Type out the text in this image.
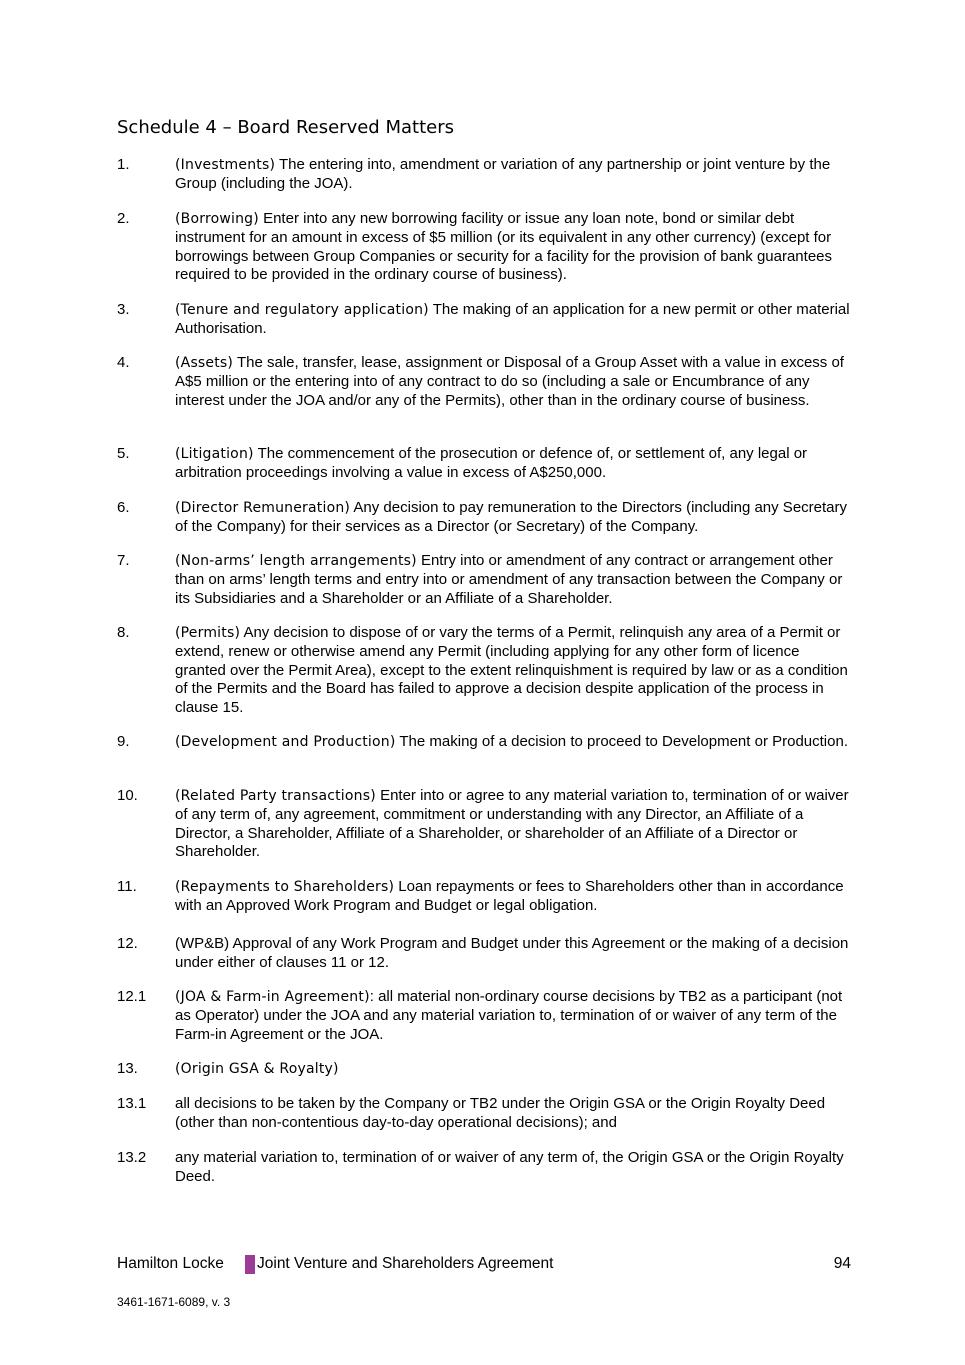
Schedule 4 – Board Reserved Matters
1.	(Investments) The entering into, amendment or variation of any partnership or joint venture by the Group (including the JOA).
2.	(Borrowing) Enter into any new borrowing facility or issue any loan note, bond or similar debt instrument for an amount in excess of $5 million (or its equivalent in any other currency) (except for borrowings between Group Companies or security for a facility for the provision of bank guarantees required to be provided in the ordinary course of business).
3.	(Tenure and regulatory application) The making of an application for a new permit or other material Authorisation.
4.	(Assets) The sale, transfer, lease, assignment or Disposal of a Group Asset with a value in excess of A$5 million or the entering into of any contract to do so (including a sale or Encumbrance of any interest under the JOA and/or any of the Permits), other than in the ordinary course of business.
5.	(Litigation) The commencement of the prosecution or defence of, or settlement of, any legal or arbitration proceedings involving a value in excess of A$250,000.
6.	(Director Remuneration) Any decision to pay remuneration to the Directors (including any Secretary of the Company) for their services as a Director (or Secretary) of the Company.
7.	(Non-arms’ length arrangements) Entry into or amendment of any contract or arrangement other than on arms’ length terms and entry into or amendment of any transaction between the Company or its Subsidiaries and a Shareholder or an Affiliate of a Shareholder.
8.	(Permits) Any decision to dispose of or vary the terms of a Permit, relinquish any area of a Permit or extend, renew or otherwise amend any Permit (including applying for any other form of licence granted over the Permit Area), except to the extent relinquishment is required by law or as a condition of the Permits and the Board has failed to approve a decision despite application of the process in clause 15.
9.	(Development and Production) The making of a decision to proceed to Development or Production.
10.	(Related Party transactions) Enter into or agree to any material variation to, termination of or waiver of any term of, any agreement, commitment or understanding with any Director, an Affiliate of a Director, a Shareholder, Affiliate of a Shareholder, or shareholder of an Affiliate of a Director or Shareholder.
11.	(Repayments to Shareholders) Loan repayments or fees to Shareholders other than in accordance with an Approved Work Program and Budget or legal obligation.
12.	(WP&B) Approval of any Work Program and Budget under this Agreement or the making of a decision under either of clauses 11 or 12.
12.1	(JOA & Farm-in Agreement): all material non-ordinary course decisions by TB2 as a participant (not as Operator) under the JOA and any material variation to, termination of or waiver of any term of the Farm-in Agreement or the JOA.
13.	(Origin GSA & Royalty)
13.1	all decisions to be taken by the Company or TB2 under the Origin GSA or the Origin Royalty Deed (other than non-contentious day-to-day operational decisions); and
13.2	any material variation to, termination of or waiver of any term of, the Origin GSA or the Origin Royalty Deed.
Hamilton Locke Joint Venture and Shareholders Agreement	94
3461-1671-6089, v. 3
